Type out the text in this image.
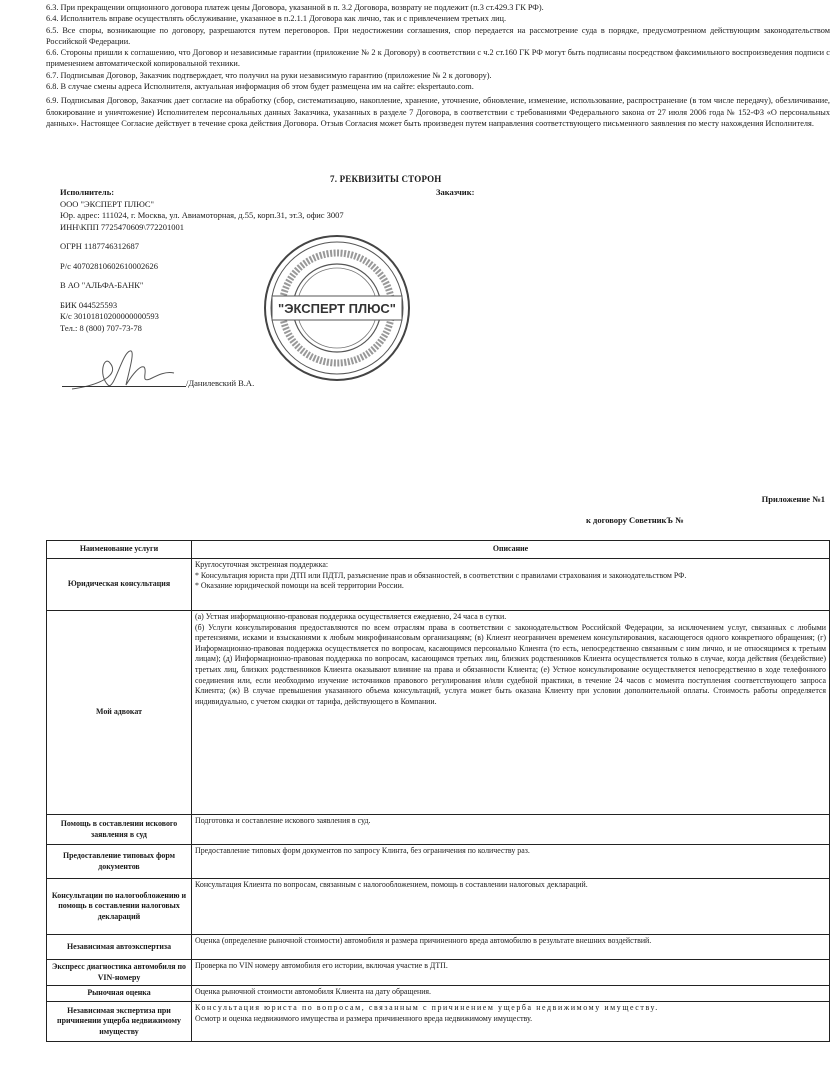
6.3. При прекращении опционного договора платеж цены Договора, указанной в п. 3.2 Договора, возврату не подлежит (п.3 ст.429.3 ГК РФ).

6.4. Исполнитель вправе осуществлять обслуживание, указанное в п.2.1.1 Договора как лично, так и с привлечением третьих лиц.

6.5. Все споры, возникающие по договору, разрешаются путем переговоров. При недостижении соглашения, спор передается на рассмотрение суда в порядке, предусмотренном действующим законодательством Российской Федерации.

6.6. Стороны пришли к соглашению, что Договор и независимые гарантии (приложение № 2 к Договору) в соответствии с ч.2 ст.160 ГК РФ могут быть подписаны посредством факсимильного воспроизведения подписи с применением автоматической копировальной техники.

6.7. Подписывая Договор, Заказчик подтверждает, что получил на руки независимую гарантию (приложение № 2 к договору).

6.8. В случае смены адреса Исполнителя, актуальная информация об этом будет размещена им на сайте: ekspertauto.com.

6.9. Подписывая Договор, Заказчик дает согласие на обработку (сбор, систематизацию, накопление, хранение, уточнение, обновление, изменение, использование, распространение (в том числе передачу), обезличивание, блокирование и уничтожение) Исполнителем персональных данных Заказчика, указанных в разделе 7 Договора, в соответствии с требованиями Федерального закона от 27 июля 2006 года № 152-ФЗ «О персональных данных». Настоящее Согласие действует в течение срока действия Договора. Отзыв Согласия может быть произведен путем направления соответствующего письменного заявления по месту нахождения Исполнителя.

7. РЕКВИЗИТЫ СТОРОН
Заказчик:
Исполнитель:
ООО "ЭКСПЕРТ ПЛЮС"
Юр. адрес: 111024, г. Москва, ул. Авиамоторная, д.55, корп.31, эт.3, офис 3007
ИНН\КПП 7725470609\772201001
ОГРН 1187746312687
Р/с 40702810602610002626
В АО "АЛЬФА-БАНК"
БИК 044525593
К/с 30101810200000000593
Тел.: 8 (800) 707-73-78
/Данилевский В.А.
"ЭКСПЕРТ ПЛЮС"
Приложение №1
к договору СоветникЪ №
Наименование услуги	Описание
Юридическая консультация	Круглосуточная экстренная поддержка:
* Консультация юриста при ДТП или ПДТЛ, разъяснение прав и обязанностей, в соответствии с правилами страхования и законодательством РФ.
* Оказание юридической помощи на всей территории России.

Мой адвокат	(а) Устная информационно-правовая поддержка осуществляется ежедневно, 24 часа в сутки.
(б) Услуги консультирования предоставляются по всем отраслям права в соответствии с законодательством Российской Федерации, за исключением услуг, связанных с любыми претензиями, исками и взысканиями к любым микрофинансовым организациям; (в) Клиент неограничен временем консультирования, касающегося одного конкретного обращения; (г) Информационно-правовая поддержка осуществляется по вопросам, касающимся персонально Клиента (то есть, непосредственно связанным с ним лично, и не относящимся к третьим лицам); (д) Информационно-правовая поддержка по вопросам, касающимся третьих лиц, близких родственников Клиента осуществляется только в случае, когда действия (бездействие) третьих лиц, близких родственников Клиента оказывают влияние на права и обязанности Клиента; (е) Устное консультирование осуществляется непосредственно в ходе телефонного соединения или, если необходимо изучение источников правового регулирования и/или судебной практики, в течение 24 часов с момента поступления соответствующего запроса Клиента; (ж) В случае превышения указанного объема консультаций, услуга может быть оказана Клиенту при условии дополнительной оплаты. Стоимость работы определяется индивидуально, с учетом скидки от тарифа, действующего в Компании.

Помощь в составлении искового заявления в суд	Подготовка и составление искового заявления в суд.

Предоставление типовых форм документов	Предоставление типовых форм документов по запросу Клинта, без ограничения по количеству раз.

Консультации по налогообложению и помощь в составлении налоговых деклараций	Консультация Клиента по вопросам, связанным с налогообложением, помощь в составлении налоговых деклараций.

Независимая автоэкспертиза	Оценка (определение рыночной стоимости) автомобиля и размера причиненного вреда автомобилю в результате внешних воздействий.

Экспресс диагностика автомобиля по VIN-номеру	Проверка по VIN номеру автомобиля его истории, включая участие в ДТП.

Рыночная оценка	Оценка рыночной стоимости автомобиля Клиента на дату обращения.

Независимая экспертиза при причинении ущерба недвижимому имуществу	Консультация юриста по вопросам, связанным с причинением ущерба недвижимому имуществу.
Осмотр и оценка недвижимого имущества и размера причиненного вреда недвижимому имуществу.
